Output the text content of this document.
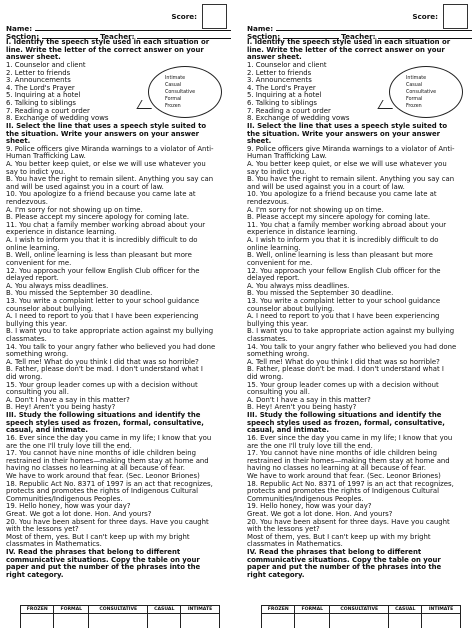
Score:
Name:
Section:	Teacher:
I. Identify the speech style used in each situation or
line. Write the letter of the correct answer on your
answer sheet.
1. Counselor and client
2. Letter to friends
3. Announcements
4. The Lord's Prayer
5. Inquiring at a hotel
6. Talking to siblings
7. Reading a court order
8. Exchange of wedding vows
II. Select the line that uses a speech style suited to
the situation. Write your answers on your answer
sheet.
9. Police officers give Miranda warnings to a violator of Anti-
Human Trafficking Law.
A. You better keep quiet, or else we will use whatever you
say to indict you.
B. You have the right to remain silent. Anything you say can
and will be used against you in a court of law.
10. You apologize to a friend because you came late at
rendezvous.
A. I'm sorry for not showing up on time.
B. Please accept my sincere apology for coming late.
11. You chat a family member working abroad about your
experience in distance learning.
A. I wish to inform you that it is incredibly difficult to do
online learning.
B. Well, online learning is less than pleasant but more
convenient for me.
12. You approach your fellow English Club officer for the
delayed report.
A. You always miss deadlines.
B. You missed the September 30 deadline.
13. You write a complaint letter to your school guidance
counselor about bullying.
A. I need to report to you that I have been experiencing
bullying this year.
B. I want you to take appropriate action against my bullying
classmates.
14. You talk to your angry father who believed you had done
something wrong.
A. Tell me! What do you think I did that was so horrible?
B. Father, please don't be mad. I don't understand what I
did wrong.
15. Your group leader comes up with a decision without
consulting you all.
A. Don't I have a say in this matter?
B. Hey! Aren't you being hasty?
III. Study the following situations and identify the
speech styles used as frozen, formal, consultative,
casual, and intimate.
16. Ever since the day you came in my life; I know that you
are the one I'll truly love till the end.
17. You cannot have nine months of idle children being
restrained in their homes—making them stay at home and
having no classes no learning at all because of fear.
We have to work around that fear. (Sec. Leonor Briones)
18. Republic Act No. 8371 of 1997 is an act that recognizes,
protects and promotes the rights of Indigenous Cultural
Communities/Indigenous Peoples.
19. Hello honey, how was your day?
Great. We got a lot done. Hon. And yours?
20. You have been absent for three days. Have you caught
with the lessons yet?
Most of them, yes. But I can't keep up with my bright
classmates in Mathematics.
IV. Read the phrases that belong to different
communicative situations. Copy the table on your
paper and put the number of the phrases into the
right category.
Intimate
Casual
Consultative
Formal
Frozen
FROZEN	FORMAL	CONSULTATIVE	CASUAL	INTIMATE

Score:
Name:
Section:	Teacher:
I. Identify the speech style used in each situation or
line. Write the letter of the correct answer on your
answer sheet.
1. Counselor and client
2. Letter to friends
3. Announcements
4. The Lord's Prayer
5. Inquiring at a hotel
6. Talking to siblings
7. Reading a court order
8. Exchange of wedding vows
II. Select the line that uses a speech style suited to
the situation. Write your answers on your answer
sheet.
9. Police officers give Miranda warnings to a violator of Anti-
Human Trafficking Law.
A. You better keep quiet, or else we will use whatever you
say to indict you.
B. You have the right to remain silent. Anything you say can
and will be used against you in a court of law.
10. You apologize to a friend because you came late at
rendezvous.
A. I'm sorry for not showing up on time.
B. Please accept my sincere apology for coming late.
11. You chat a family member working abroad about your
experience in distance learning.
A. I wish to inform you that it is incredibly difficult to do
online learning.
B. Well, online learning is less than pleasant but more
convenient for me.
12. You approach your fellow English Club officer for the
delayed report.
A. You always miss deadlines.
B. You missed the September 30 deadline.
13. You write a complaint letter to your school guidance
counselor about bullying.
A. I need to report to you that I have been experiencing
bullying this year.
B. I want you to take appropriate action against my bullying
classmates.
14. You talk to your angry father who believed you had done
something wrong.
A. Tell me! What do you think I did that was so horrible?
B. Father, please don't be mad. I don't understand what I
did wrong.
15. Your group leader comes up with a decision without
consulting you all.
A. Don't I have a say in this matter?
B. Hey! Aren't you being hasty?
III. Study the following situations and identify the
speech styles used as frozen, formal, consultative,
casual, and intimate.
16. Ever since the day you came in my life; I know that you
are the one I'll truly love till the end.
17. You cannot have nine months of idle children being
restrained in their homes—making them stay at home and
having no classes no learning at all because of fear.
We have to work around that fear. (Sec. Leonor Briones)
18. Republic Act No. 8371 of 1997 is an act that recognizes,
protects and promotes the rights of Indigenous Cultural
Communities/Indigenous Peoples.
19. Hello honey, how was your day?
Great. We got a lot done. Hon. And yours?
20. You have been absent for three days. Have you caught
with the lessons yet?
Most of them, yes. But I can't keep up with my bright
classmates in Mathematics.
IV. Read the phrases that belong to different
communicative situations. Copy the table on your
paper and put the number of the phrases into the
right category.
Intimate
Casual
Consultative
Formal
Frozen
FROZEN	FORMAL	CONSULTATIVE	CASUAL	INTIMATE
